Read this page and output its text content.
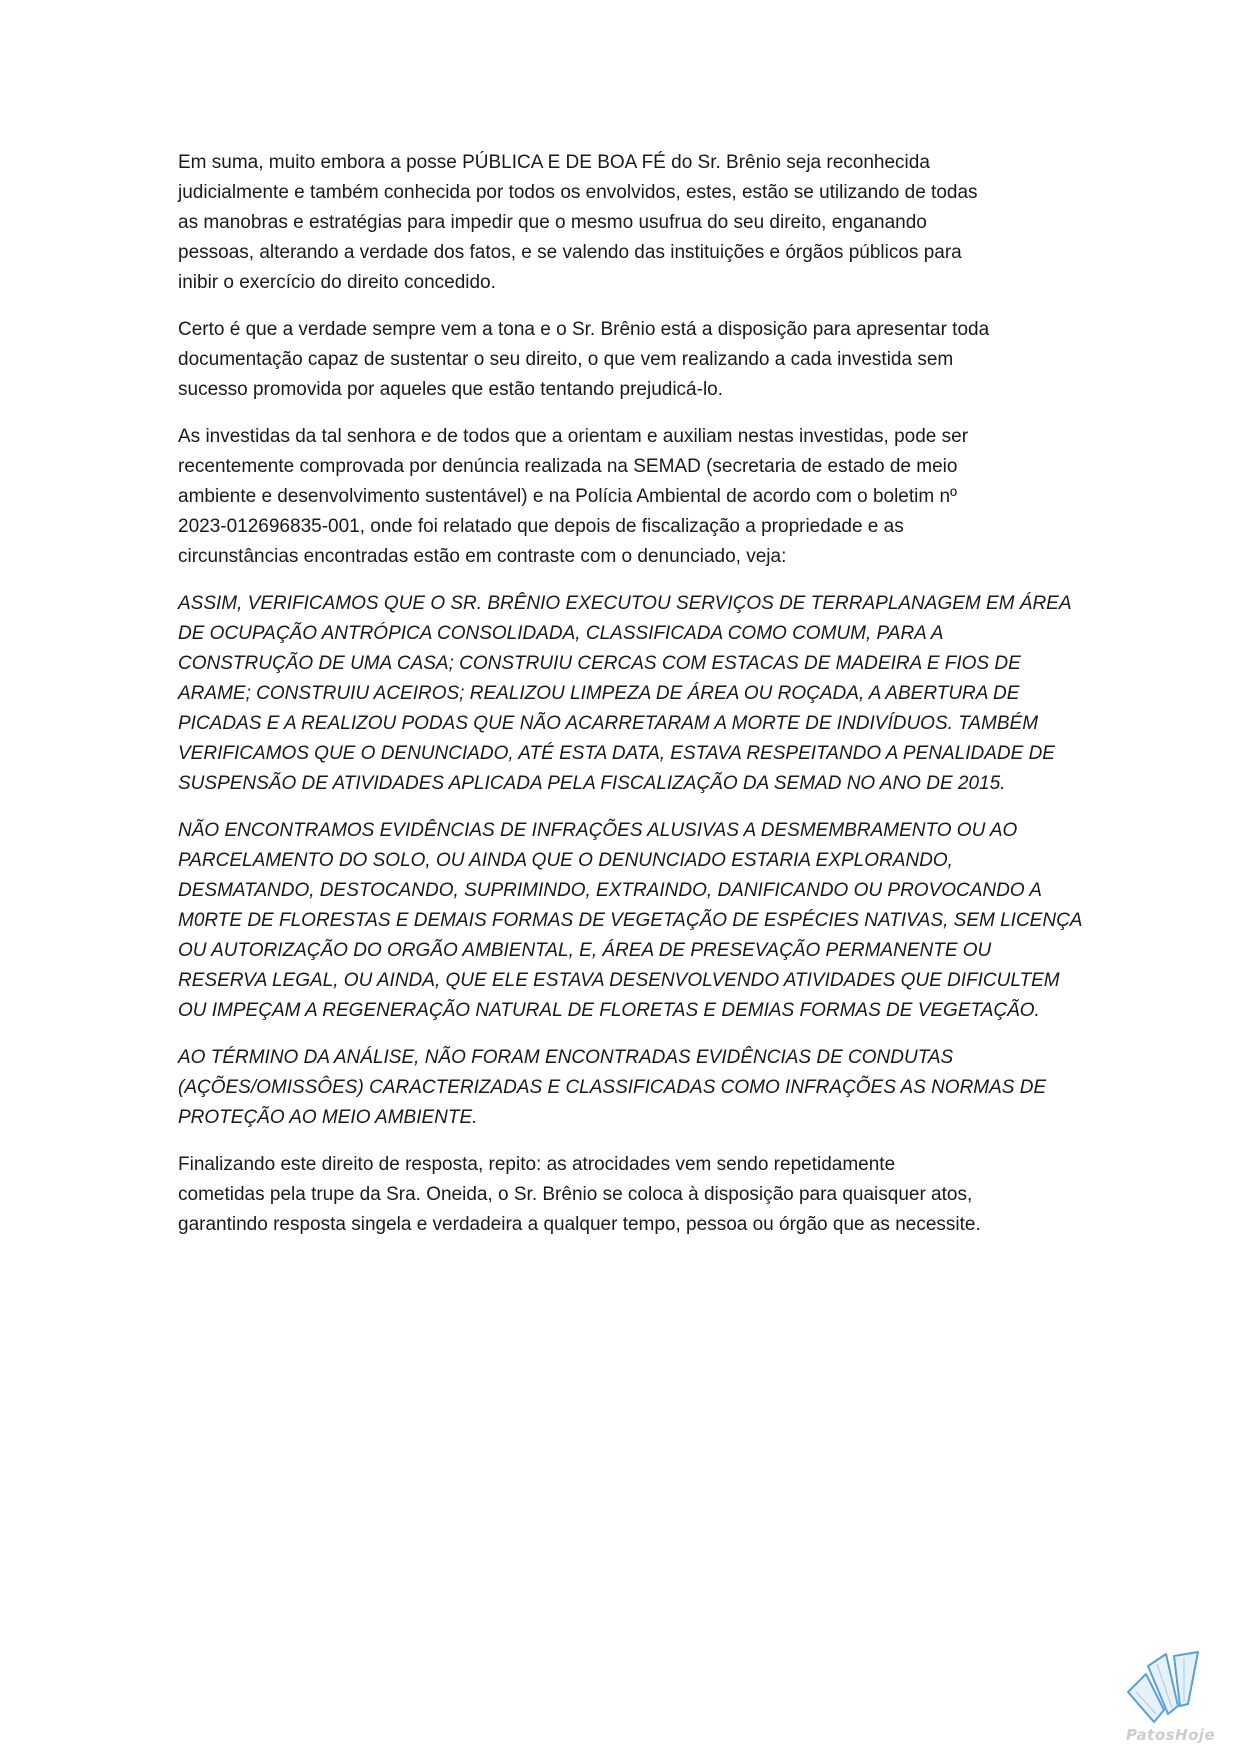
Em suma, muito embora a posse PÚBLICA E DE BOA FÉ do Sr. Brênio seja reconhecida
judicialmente e também conhecida por todos os envolvidos, estes, estão se utilizando de todas
as manobras e estratégias para impedir que o mesmo usufrua do seu direito, enganando
pessoas, alterando a verdade dos fatos, e se valendo das instituições e órgãos públicos para
inibir o exercício do direito concedido.

Certo é que a verdade sempre vem a tona e o Sr. Brênio está a disposição para apresentar toda
documentação capaz de sustentar o seu direito, o que vem realizando a cada investida sem
sucesso promovida por aqueles que estão tentando prejudicá-lo.

As investidas da tal senhora e de todos que a orientam e auxiliam nestas investidas, pode ser
recentemente comprovada por denúncia realizada na SEMAD (secretaria de estado de meio
ambiente e desenvolvimento sustentável) e na Polícia Ambiental de acordo com o boletim nº
2023-012696835-001, onde foi relatado que depois de fiscalização a propriedade e as
circunstâncias encontradas estão em contraste com o denunciado, veja:

ASSIM, VERIFICAMOS QUE O SR. BRÊNIO EXECUTOU SERVIÇOS DE TERRAPLANAGEM EM ÁREA
DE OCUPAÇÃO ANTRÓPICA CONSOLIDADA, CLASSIFICADA COMO COMUM, PARA A
CONSTRUÇÃO DE UMA CASA; CONSTRUIU CERCAS COM ESTACAS DE MADEIRA E FIOS DE
ARAME; CONSTRUIU ACEIROS; REALIZOU LIMPEZA DE ÁREA OU ROÇADA, A ABERTURA DE
PICADAS E A REALIZOU PODAS QUE NÃO ACARRETARAM A MORTE DE INDIVÍDUOS. TAMBÉM
VERIFICAMOS QUE O DENUNCIADO, ATÉ ESTA DATA, ESTAVA RESPEITANDO A PENALIDADE DE
SUSPENSÃO DE ATIVIDADES APLICADA PELA FISCALIZAÇÃO DA SEMAD NO ANO DE 2015.

NÃO ENCONTRAMOS EVIDÊNCIAS DE INFRAÇÕES ALUSIVAS A DESMEMBRAMENTO OU AO
PARCELAMENTO DO SOLO, OU AINDA QUE O DENUNCIADO ESTARIA EXPLORANDO,
DESMATANDO, DESTOCANDO, SUPRIMINDO, EXTRAINDO, DANIFICANDO OU PROVOCANDO A
M0RTE DE FLORESTAS E DEMAIS FORMAS DE VEGETAÇÃO DE ESPÉCIES NATIVAS, SEM LICENÇA
OU AUTORIZAÇÃO DO ORGÃO AMBIENTAL, E, ÁREA DE PRESEVAÇÃO PERMANENTE OU
RESERVA LEGAL, OU AINDA, QUE ELE ESTAVA DESENVOLVENDO ATIVIDADES QUE DIFICULTEM
OU IMPEÇAM A REGENERAÇÃO NATURAL DE FLORETAS E DEMIAS FORMAS DE VEGETAÇÃO.

AO TÉRMINO DA ANÁLISE, NÃO FORAM ENCONTRADAS EVIDÊNCIAS DE CONDUTAS
(AÇÕES/OMISSÔES) CARACTERIZADAS E CLASSIFICADAS COMO INFRAÇÕES AS NORMAS DE
PROTEÇÃO AO MEIO AMBIENTE.

Finalizando este direito de resposta, repito: as atrocidades vem sendo repetidamente
cometidas pela trupe da Sra. Oneida, o Sr. Brênio se coloca à disposição para quaisquer atos,
garantindo resposta singela e verdadeira a qualquer tempo, pessoa ou órgão que as necessite.

PatosHoje
